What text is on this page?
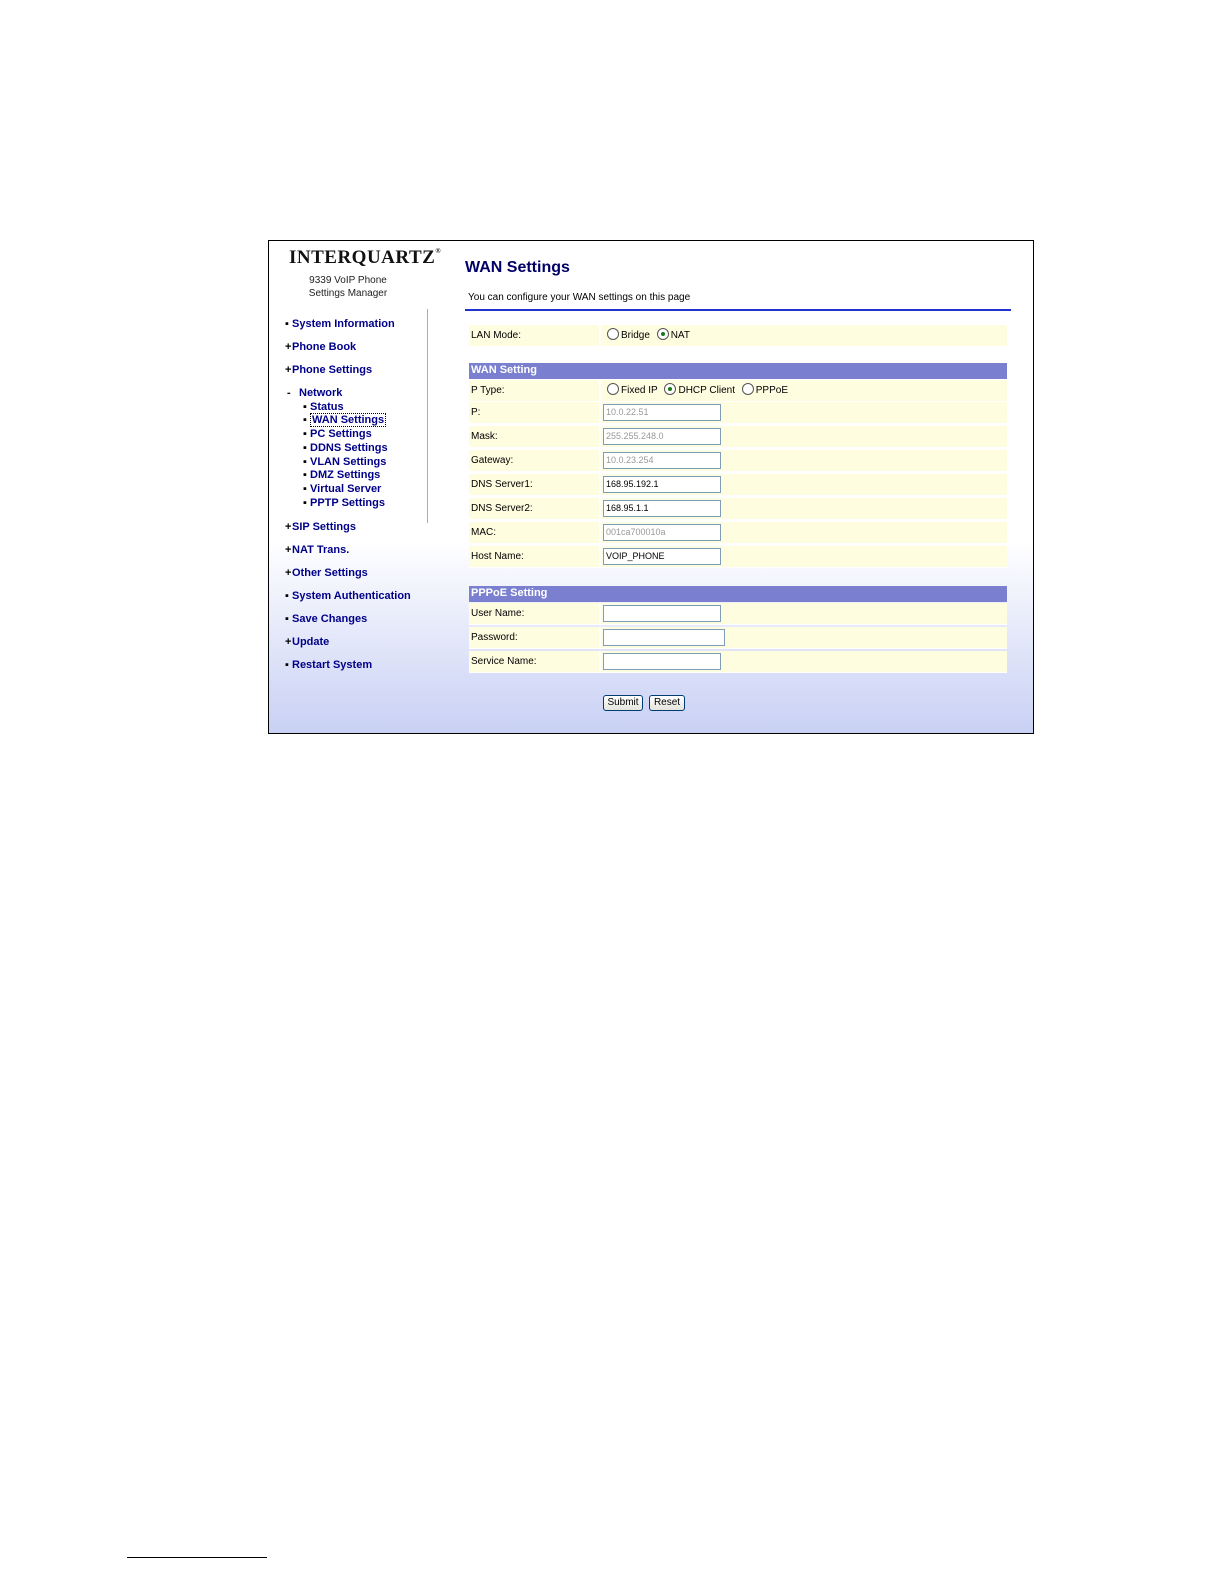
INTERQUARTZ®
9339 VoIP Phone
Settings Manager
▪ System Information
+Phone Book
+Phone Settings
- Network
▪ Status
▪ WAN Settings
▪ PC Settings
▪ DDNS Settings
▪ VLAN Settings
▪ DMZ Settings
▪ Virtual Server
▪ PPTP Settings
+SIP Settings
+NAT Trans.
+Other Settings
▪ System Authentication
▪ Save Changes
+Update
▪ Restart System
WAN Settings
You can configure your WAN settings on this page
LAN Mode:	Bridge NAT
WAN Setting
P Type:	Fixed IP DHCP Client PPPoE
P:	10.0.22.51
Mask:	255.255.248.0
Gateway:	10.0.23.254
DNS Server1:	168.95.192.1
DNS Server2:	168.95.1.1
MAC:	001ca700010a
Host Name:	VOIP_PHONE
PPPoE Setting
User Name:
Password:
Service Name:
Submit	Reset
